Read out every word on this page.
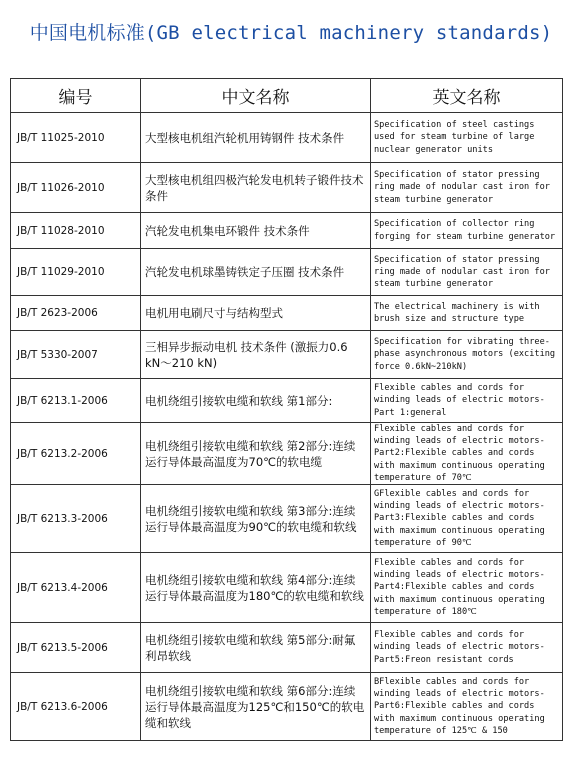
中国电机标准(GB electrical machinery standards)
编号	中文名称	英文名称
JB/T 11025-2010	大型核电机组汽轮机用铸钢件 技术条件	Specification of steel castings used for steam turbine of large nuclear generator units
JB/T 11026-2010	大型核电机组四极汽轮发电机转子锻件技术条件	Specification of stator pressing ring made of nodular cast iron for steam turbine generator
JB/T 11028-2010	汽轮发电机集电环锻件 技术条件	Specification of collector ring forging for steam turbine generator
JB/T 11029-2010	汽轮发电机球墨铸铁定子压圈 技术条件	Specification of stator pressing ring made of nodular cast iron for steam turbine generator
JB/T 2623-2006	电机用电刷尺寸与结构型式	The electrical machinery is with brush size and structure type
JB/T 5330-2007	三相异步振动电机 技术条件 (激振力0.6 kN～210 kN)	Specification for vibrating three-phase asynchronous motors (exciting force 0.6kN~210kN)
JB/T 6213.1-2006	电机绕组引接软电缆和软线 第1部分:	Flexible cables and cords for winding leads of electric motors-Part 1:general
JB/T 6213.2-2006	电机绕组引接软电缆和软线 第2部分:连续运行导体最高温度为70℃的软电缆	Flexible cables and cords for winding leads of electric motors-Part2:Flexible cables and cords with maximum continuous operating temperature of 70℃
JB/T 6213.3-2006	电机绕组引接软电缆和软线 第3部分:连续运行导体最高温度为90℃的软电缆和软线	GFlexible cables and cords for winding leads of electric motors-Part3:Flexible cables and cords with maximum continuous operating temperature of 90℃
JB/T 6213.4-2006	电机绕组引接软电缆和软线 第4部分:连续运行导体最高温度为180℃的软电缆和软线	Flexible cables and cords for winding leads of electric motors-Part4:Flexible cables and cords with maximum continuous operating temperature of 180℃
JB/T 6213.5-2006	电机绕组引接软电缆和软线 第5部分:耐氟利昂软线	Flexible cables and cords for winding leads of electric motors-Part5:Freon resistant cords
JB/T 6213.6-2006	电机绕组引接软电缆和软线 第6部分:连续运行导体最高温度为125℃和150℃的软电缆和软线	BFlexible cables and cords for winding leads of electric motors-Part6:Flexible cables and cords with maximum continuous operating temperature of 125℃ & 150
